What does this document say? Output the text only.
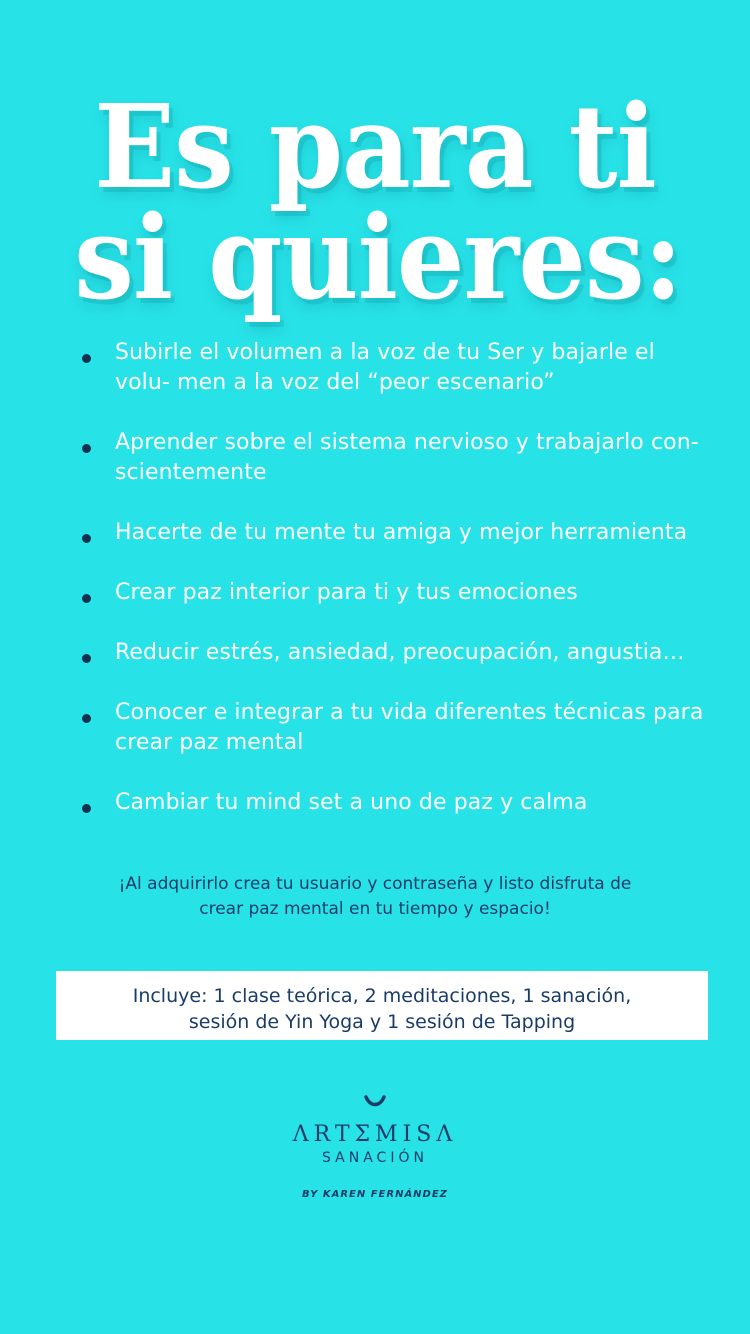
Es para ti
si quieres:
Subirle el volumen a la voz de tu Ser y bajarle el volu- men a la voz del “peor escenario”
Aprender sobre el sistema nervioso y trabajarlo con- scientemente
Hacerte de tu mente tu amiga y mejor herramienta
Crear paz interior para ti y tus emociones
Reducir estrés, ansiedad, preocupación, angustia…
Conocer e integrar a tu vida diferentes técnicas para crear paz mental
Cambiar tu mind set a uno de paz y calma
¡Al adquirirlo crea tu usuario y contraseña y listo disfruta de
crear paz mental en tu tiempo y espacio!
Incluye: 1 clase teórica, 2 meditaciones, 1 sanación,
sesión de Yin Yoga y 1 sesión de Tapping
ΛRTΣMISΛ
SANACIÓN
BY KAREN FERNÁNDEZ
